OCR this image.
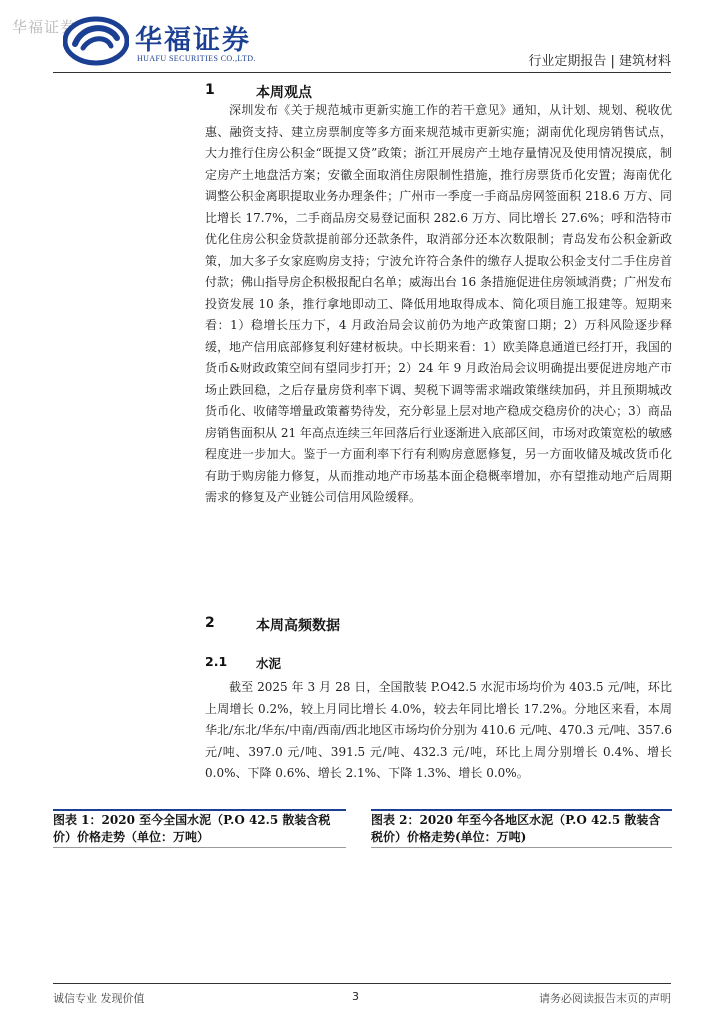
华福证券 华福证券
HUAFU SECURITIES CO.,LTD.	行业定期报告 | 建筑材料
1	本周观点

深圳发布《关于规范城市更新实施工作的若干意见》通知，从计划、规划、税收优惠、融资支持、建立房票制度等多方面来规范城市更新实施；湖南优化现房销售试点，大力推行住房公积金“既提又贷”政策；浙江开展房产土地存量情况及使用情况摸底，制定房产土地盘活方案；安徽全面取消住房限制性措施，推行房票货币化安置；海南优化调整公积金离职提取业务办理条件；广州市一季度一手商品房网签面积 218.6 万方、同比增长 17.7%，二手商品房交易登记面积 282.6 万方、同比增长 27.6%；呼和浩特市优化住房公积金贷款提前部分还款条件，取消部分还本次数限制；青岛发布公积金新政策，加大多子女家庭购房支持；宁波允许符合条件的缴存人提取公积金支付二手住房首付款；佛山指导房企积极报配白名单；威海出台 16 条措施促进住房领域消费；广州发布投资发展 10 条，推行拿地即动工、降低用地取得成本、简化项目施工报建等。短期来看：1）稳增长压力下，4 月政治局会议前仍为地产政策窗口期；2）万科风险逐步释缓，地产信用底部修复利好建材板块。中长期来看：1）欧美降息通道已经打开，我国的货币&财政政策空间有望同步打开；2）24 年 9 月政治局会议明确提出要促进房地产市场止跌回稳，之后存量房贷利率下调、契税下调等需求端政策继续加码，并且预期城改货币化、收储等增量政策蓄势待发，充分彰显上层对地产稳成交稳房价的决心；3）商品房销售面积从 21 年高点连续三年回落后行业逐渐进入底部区间，市场对政策宽松的敏感程度进一步加大。鉴于一方面利率下行有利购房意愿修复，另一方面收储及城改货币化有助于购房能力修复，从而推动地产市场基本面企稳概率增加，亦有望推动地产后周期需求的修复及产业链公司信用风险缓释。

2	本周高频数据
2.1 水泥

截至 2025 年 3 月 28 日，全国散装 P.O42.5 水泥市场均价为 403.5 元/吨，环比上周增长 0.2%，较上月同比增长 4.0%，较去年同比增长 17.2%。分地区来看，本周华北/东北/华东/中南/西南/西北地区市场均价分别为 410.6 元/吨、470.3 元/吨、357.6 元/吨、397.0 元/吨、391.5 元/吨、432.3 元/吨，环比上周分别增长 0.4%、增长 0.0%、下降 0.6%、增长 2.1%、下降 1.3%、增长 0.0%。

图表 1：2020 至今全国水泥（P.O 42.5 散装含税价）价格走势（单位：万吨）
图表 2：2020 年至今各地区水泥（P.O 42.5 散装含税价）价格走势(单位：万吨)
诚信专业 发现价值	3	请务必阅读报告末页的声明
